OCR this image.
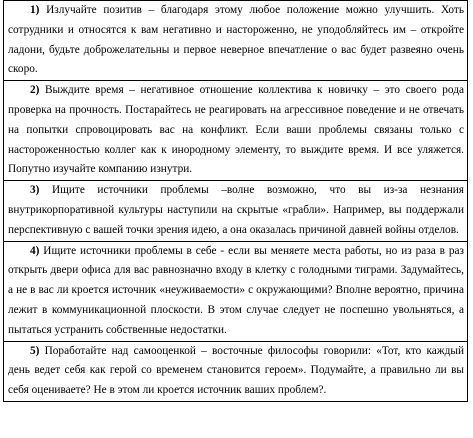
1) Излучайте позитив – благодаря этому любое положение можно улучшить. Хоть сотрудники и относятся к вам негативно и настороженно, не уподобляйтесь им – откройте ладони, будьте доброжелательны и первое неверное впечатление о вас будет развеяно очень скоро.
2) Выждите время – негативное отношение коллектива к новичку – это своего рода проверка на прочность. Постарайтесь не реагировать на агрессивное поведение и не отвечать на попытки спровоцировать вас на конфликт. Если ваши проблемы связаны только с настороженностью коллег как к инородному элементу, то выждите время. И все уляжется. Попутно изучайте компанию изнутри.
3) Ищите источники проблемы –волне возможно, что вы из-за незнания внутрикорпоративной культуры наступили на скрытые «грабли». Например, вы поддержали перспективную с вашей точки зрения идею, а она оказалась причиной давней войны отделов.
4) Ищите источники проблемы в себе - если вы меняете места работы, но из раза в раз открыть двери офиса для вас равнозначно входу в клетку с голодными тиграми. Задумайтесь, а не в вас ли кроется источник «неуживаемости» с окружающими? Вполне вероятно, причина лежит в коммуникационной плоскости. В этом случае следует не поспешно увольняться, а пытаться устранить собственные недостатки.
5) Поработайте над самооценкой – восточные философы говорили: «Тот, кто каждый день ведет себя как герой со временем становится героем». Подумайте, а правильно ли вы себя оцениваете? Не в этом ли кроется источник ваших проблем?.
